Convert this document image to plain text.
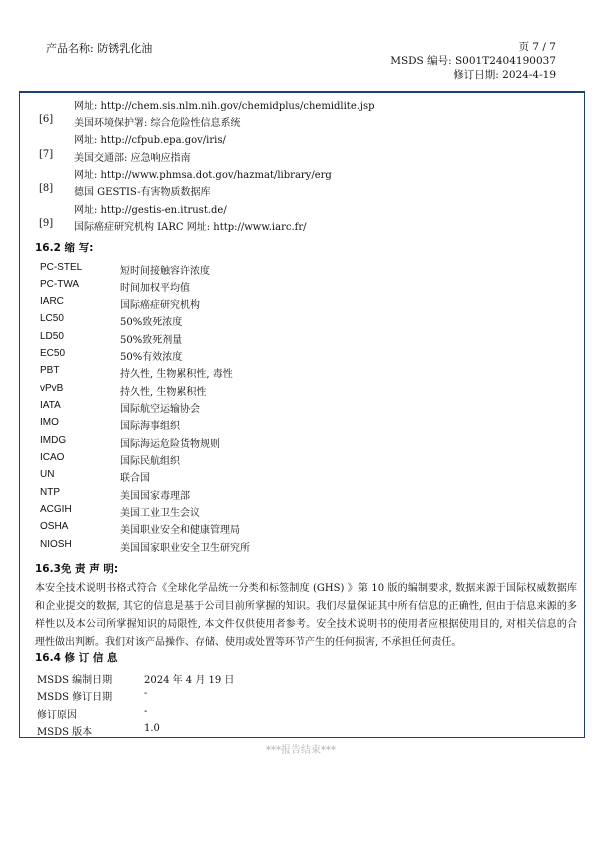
产品名称: 防锈乳化油	页 7 / 7
MSDS 编号: S001T2404190037
修订日期: 2024-4-19
网址: http://chem.sis.nlm.nih.gov/chemidplus/chemidlite.jsp
[6] 美国环境保护署: 综合危险性信息系统
网址: http://cfpub.epa.gov/iris/
[7] 美国交通部: 应急响应指南
网址: http://www.phmsa.dot.gov/hazmat/library/erg
[8] 德国 GESTIS-有害物质数据库
网址: http://gestis-en.itrust.de/
[9] 国际癌症研究机构 IARC 网址: http://www.iarc.fr/
16.2 缩 写:
PC-STEL	短时间接触容许浓度
PC-TWA	时间加权平均值
IARC	国际癌症研究机构
LC50	50%致死浓度
LD50	50%致死剂量
EC50	50%有效浓度
PBT	持久性, 生物累积性, 毒性
vPvB	持久性, 生物累积性
IATA	国际航空运输协会
IMO	国际海事组织
IMDG	国际海运危险货物规则
ICAO	国际民航组织
UN	联合国
NTP	美国国家毒理部
ACGIH	美国工业卫生会议
OSHA	美国职业安全和健康管理局
NIOSH	美国国家职业安全卫生研究所
16.3免 责 声 明:
本安全技术说明书格式符合《全球化学品统一分类和标签制度 (GHS) 》第 10 版的编制要求, 数据来源于国际权威数据库和企业提交的数据, 其它的信息是基于公司目前所掌握的知识。我们尽量保证其中所有信息的正确性, 但由于信息来源的多样性以及本公司所掌握知识的局限性, 本文件仅供使用者参考。安全技术说明书的使用者应根据使用目的, 对相关信息的合理性做出判断。我们对该产品操作、存储、使用或处置等环节产生的任何损害, 不承担任何责任。
16.4 修 订 信 息
MSDS 编制日期	2024 年 4 月 19 日
MSDS 修订日期	-
修订原因	-
MSDS 版本	1.0
***报告结束***
